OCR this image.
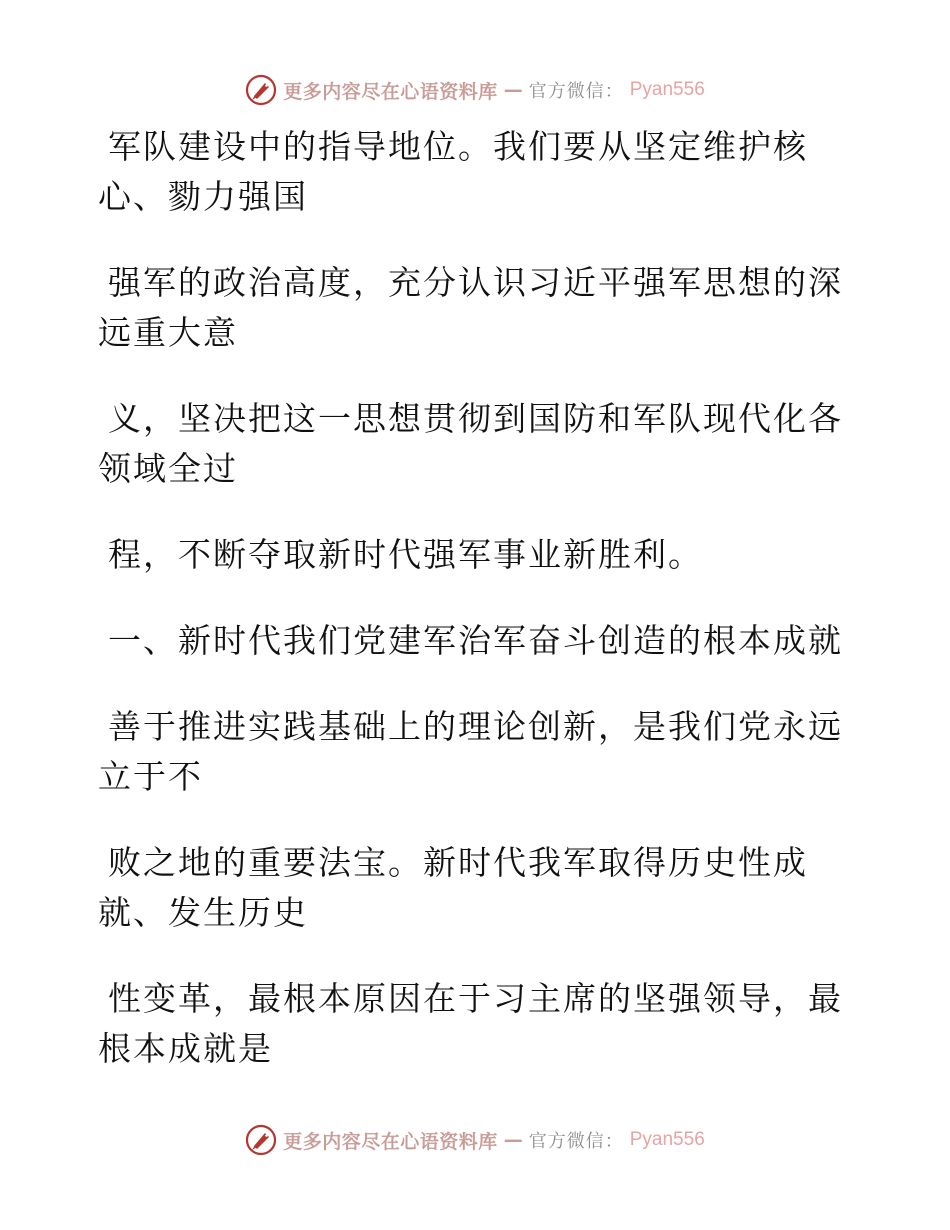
更多内容尽在心语资料库 — 官方微信： Pyan556

军队建设中的指导地位。我们要从坚定维护核
心、勠力强国

强军的政治高度，充分认识习近平强军思想的深
远重大意

义，坚决把这一思想贯彻到国防和军队现代化各
领域全过

程，不断夺取新时代强军事业新胜利。

一、新时代我们党建军治军奋斗创造的根本成就

善于推进实践基础上的理论创新，是我们党永远
立于不

败之地的重要法宝。新时代我军取得历史性成
就、发生历史

性变革，最根本原因在于习主席的坚强领导，最
根本成就是

更多内容尽在心语资料库 — 官方微信： Pyan556
